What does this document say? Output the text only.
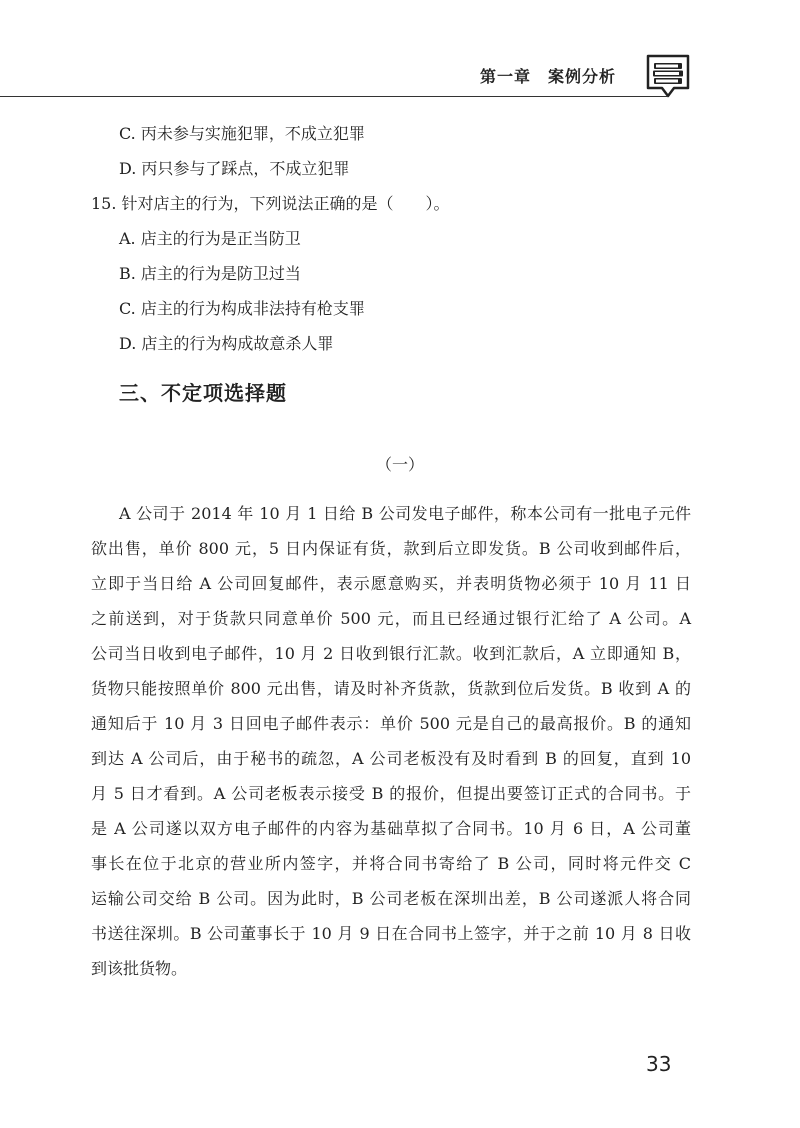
第一章　案例分析
C. 丙未参与实施犯罪，不成立犯罪
D. 丙只参与了踩点，不成立犯罪
15. 针对店主的行为，下列说法正确的是（　　）。
A. 店主的行为是正当防卫
B. 店主的行为是防卫过当
C. 店主的行为构成非法持有枪支罪
D. 店主的行为构成故意杀人罪
三、不定项选择题
（一）
A 公司于 2014 年 10 月 1 日给 B 公司发电子邮件，称本公司有一批电子元件
欲出售，单价 800 元，5 日内保证有货，款到后立即发货。B 公司收到邮件后，
立即于当日给 A 公司回复邮件，表示愿意购买，并表明货物必须于 10 月 11 日
之前送到，对于货款只同意单价 500 元，而且已经通过银行汇给了 A 公司。A
公司当日收到电子邮件，10 月 2 日收到银行汇款。收到汇款后，A 立即通知 B，
货物只能按照单价 800 元出售，请及时补齐货款，货款到位后发货。B 收到 A 的
通知后于 10 月 3 日回电子邮件表示：单价 500 元是自己的最高报价。B 的通知
到达 A 公司后，由于秘书的疏忽，A 公司老板没有及时看到 B 的回复，直到 10
月 5 日才看到。A 公司老板表示接受 B 的报价，但提出要签订正式的合同书。于
是 A 公司遂以双方电子邮件的内容为基础草拟了合同书。10 月 6 日，A 公司董
事长在位于北京的营业所内签字，并将合同书寄给了 B 公司，同时将元件交 C
运输公司交给 B 公司。因为此时，B 公司老板在深圳出差，B 公司遂派人将合同
书送往深圳。B 公司董事长于 10 月 9 日在合同书上签字，并于之前 10 月 8 日收
到该批货物。
33
